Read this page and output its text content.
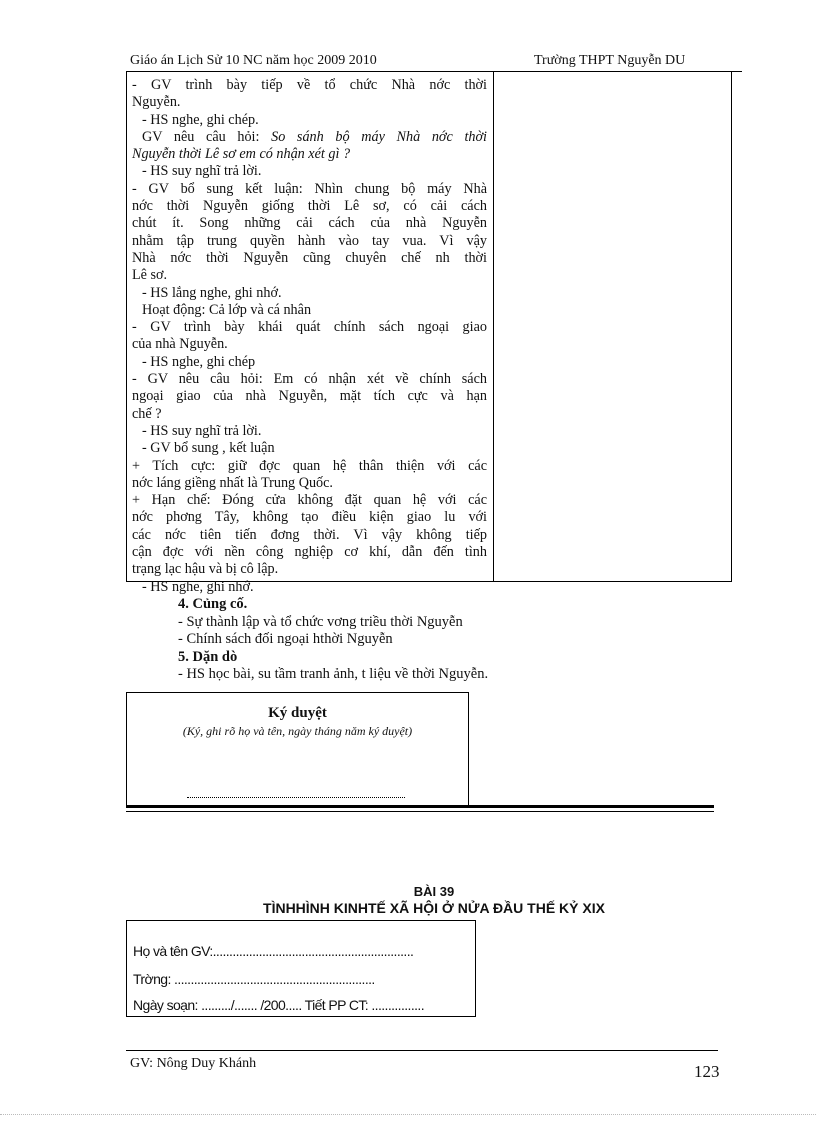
Giáo án Lịch Sử 10 NC năm học 2009 2010	Trường THPT Nguyễn DU
- GV trình bày tiếp về tổ chức Nhà nớc thời
Nguyễn.
- HS nghe, ghi chép.
GV nêu câu hỏi: So sánh bộ máy Nhà nớc thời
Nguyễn thời Lê sơ em có nhận xét gì ?
- HS suy nghĩ trả lời.
- GV bổ sung kết luận: Nhìn chung bộ máy Nhà
nớc thời Nguyễn giống thời Lê sơ, có cải cách
chút ít. Song những cải cách của nhà Nguyễn
nhằm tập trung quyền hành vào tay vua. Vì vậy
Nhà nớc thời Nguyễn cũng chuyên chế nh thời
Lê sơ.
- HS lắng nghe, ghi nhớ.
Hoạt động: Cả lớp và cá nhân
- GV trình bày khái quát chính sách ngoại giao
của nhà Nguyễn.
- HS nghe, ghi chép
- GV nêu câu hỏi: Em có nhận xét về chính sách
ngoại giao của nhà Nguyễn, mặt tích cực và hạn
chế ?
- HS suy nghĩ trả lời.
- GV bổ sung , kết luận
+ Tích cực: giữ đợc quan hệ thân thiện với các
nớc láng giềng nhất là Trung Quốc.
+ Hạn chế: Đóng cửa không đặt quan hệ với các
nớc phơng Tây, không tạo điều kiện giao lu với
các nớc tiên tiến đơng thời. Vì vậy không tiếp
cận đợc với nền công nghiệp cơ khí, dẫn đến tình
trạng lạc hậu và bị cô lập.
- HS nghe, ghi nhớ.
4. Củng cố.
- Sự thành lập và tổ chức vơng triều thời Nguyễn
- Chính sách đối ngoại hthời Nguyễn
5. Dặn dò
- HS học bài, su tầm tranh ảnh, t liệu về thời Nguyễn.
Ký duyệt
(Ký, ghi rõ họ và tên, ngày tháng năm ký duyệt)
BÀI 39
TÌNHHÌNH KINHTẾ XÃ HỘI Ở NỬA ĐẦU THẾ KỶ XIX
Họ và tên GV:.............................................................
Trờng: .............................................................
Ngày soạn: ........./....... /200..... Tiết PP CT: ................
GV: Nông Duy Khánh	123
